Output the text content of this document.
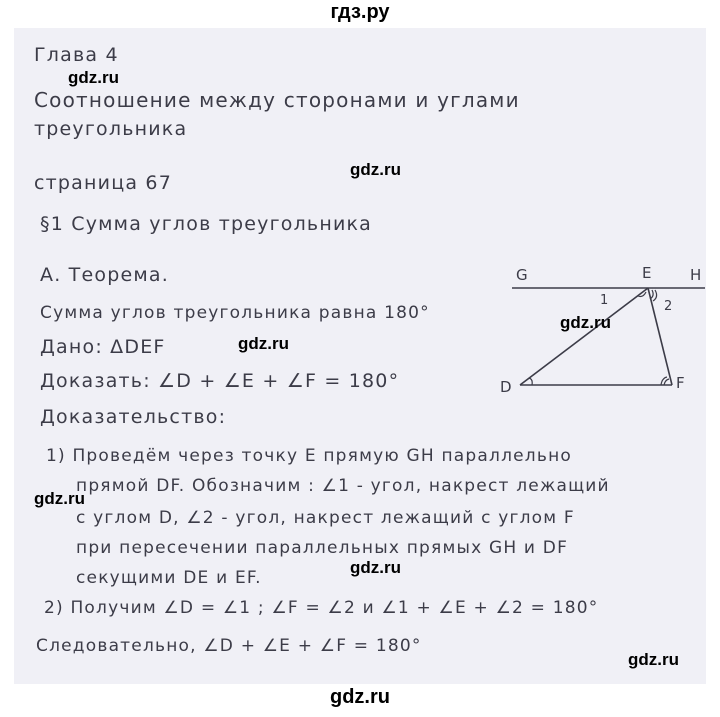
гдз.ру
Глава 4
Соотношение между сторонами и углами
треугольника
страница 67
§1 Сумма углов треугольника
А. Теорема.
Сумма углов треугольника равна 180°
Дано: ΔDEF
Доказать: ∠D + ∠E + ∠F = 180°
Доказательство:
1) Проведём через точку E прямую GH параллельно
прямой DF. Обозначим : ∠1 - угол, накрест лежащий
с углом D, ∠2 - угол, накрест лежащий с углом F
при пересечении параллельных прямых GH и DF
секущими DE и EF.
2) Получим ∠D = ∠1 ; ∠F = ∠2 и ∠1 + ∠E + ∠2 = 180°
Следовательно, ∠D + ∠E + ∠F = 180°
G	E	H
1	2
D	F
gdz.ru
gdz.ru
gdz.ru
gdz.ru
gdz.ru
gdz.ru
gdz.ru
gdz.ru
